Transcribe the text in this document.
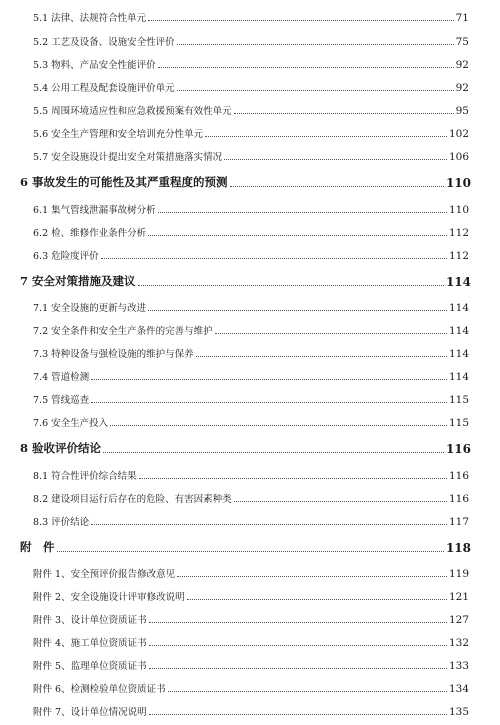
5.1 法律、法规符合性单元	71
5.2 工艺及设备、设施安全性评价	75
5.3 物料、产品安全性能评价	92
5.4 公用工程及配套设施评价单元	92
5.5 周围环境适应性和应急救援预案有效性单元	95
5.6 安全生产管理和安全培训充分性单元	102
5.7 安全设施设计提出安全对策措施落实情况	106
6 事故发生的可能性及其严重程度的预测	110
6.1 集气管线泄漏事故树分析	110
6.2 检、维修作业条件分析	112
6.3 危险度评价	112
7 安全对策措施及建议	114
7.1 安全设施的更新与改进	114
7.2 安全条件和安全生产条件的完善与维护	114
7.3 特种设备与强检设施的维护与保养	114
7.4 管道检测	114
7.5 管线巡查	115
7.6 安全生产投入	115
8 验收评价结论	116
8.1 符合性评价综合结果	116
8.2 建设项目运行后存在的危险、有害因素种类	116
8.3 评价结论	117
附　件	118
附件 1、安全预评价报告修改意见	119
附件 2、安全设施设计评审修改说明	121
附件 3、设计单位资质证书	127
附件 4、施工单位资质证书	132
附件 5、监理单位资质证书	133
附件 6、检测检验单位资质证书	134
附件 7、设计单位情况说明	135
